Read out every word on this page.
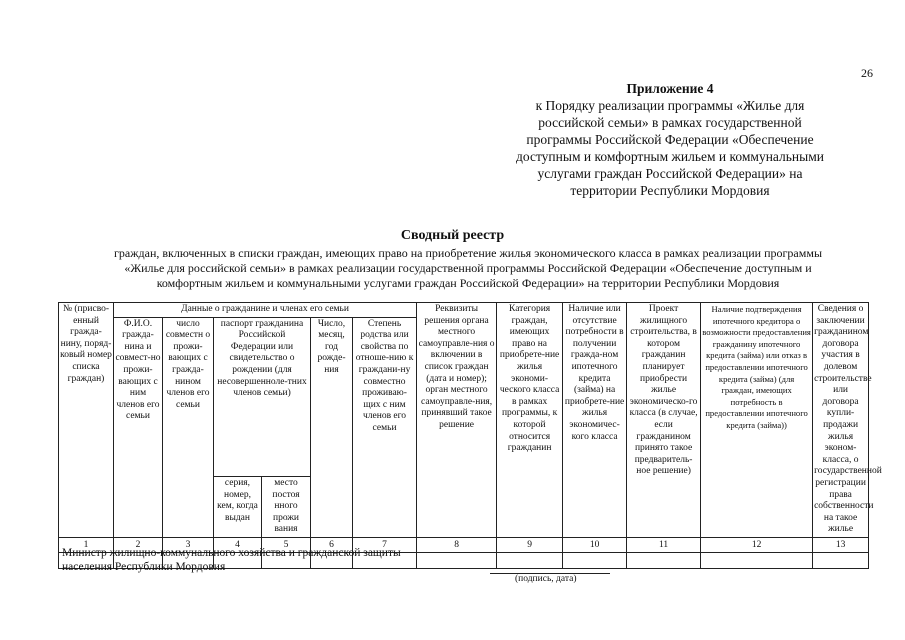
26
Приложение 4
к Порядку реализации программы «Жилье для
российской семьи» в рамках государственной
программы Российской Федерации «Обеспечение
доступным и комфортным жильем и коммунальными
услугами граждан Российской Федерации» на
территории Республики Мордовия
Сводный реестр
граждан, включенных в списки граждан, имеющих право на приобретение жилья экономического класса в рамках реализации программы
«Жилье для российской семьи» в рамках реализации государственной программы Российской Федерации «Обеспечение доступным и
комфортным жильем и коммунальными услугами граждан Российской Федерации» на территории Республики Мордовия
№ (присво-енный гражда-нину, поряд-ковый номер списка граждан)	Данные о гражданине и членах его семьи						Реквизиты решения органа местного самоуправле-ния о включении в список граждан (дата и номер); орган местного самоуправле-ния, принявший такое решение	Категория граждан, имеющих право на приобрете-ние жилья экономи-ческого класса в рамках программы, к которой относится гражданин	Наличие или отсутствие потребности в получении гражда-ном ипотечного кредита (займа) на приобрете-ние жилья экономичес-кого класса	Проект жилищного строительства, в котором гражданин планирует приобрести жилье экономическо-го класса (в случае, если гражданином принято такое предваритель-ное решение)	Наличие подтверждения ипотечного кредитора о возможности предоставления гражданину ипотечного кредита (займа) или отказ в предоставлении ипотечного кредита (займа) (для граждан, имеющих потребность в предоставлении ипотечного кредита (займа))	Сведения о заключении гражданином договора участия в долевом строительстве или договора купли-продажи жилья эконом-класса, о государственной регистрации права собственности на такое жилье
	Ф.И.О. гражда-нина и совмест-но прожи-вающих с ним членов его семьи	число совместн о прожи-вающих с гражда-нином членов его семьи	паспорт гражданина Российской Федерации или свидетельство о рождении (для несовершенноле-тних членов семьи)		Число, месяц, год рожде-ния	Степень родства или свойства по отноше-нию к граждани-ну совместно проживаю-щих с ним членов его семьи						
			серия, номер, кем, когда выдан	место постоя нного прожи вания								
1	2	3	4	5	6	7	8	9	10	11	12	13

Министр жилищно-коммунального хозяйства и гражданской защиты
населения Республики Мордовия
(подпись, дата)
